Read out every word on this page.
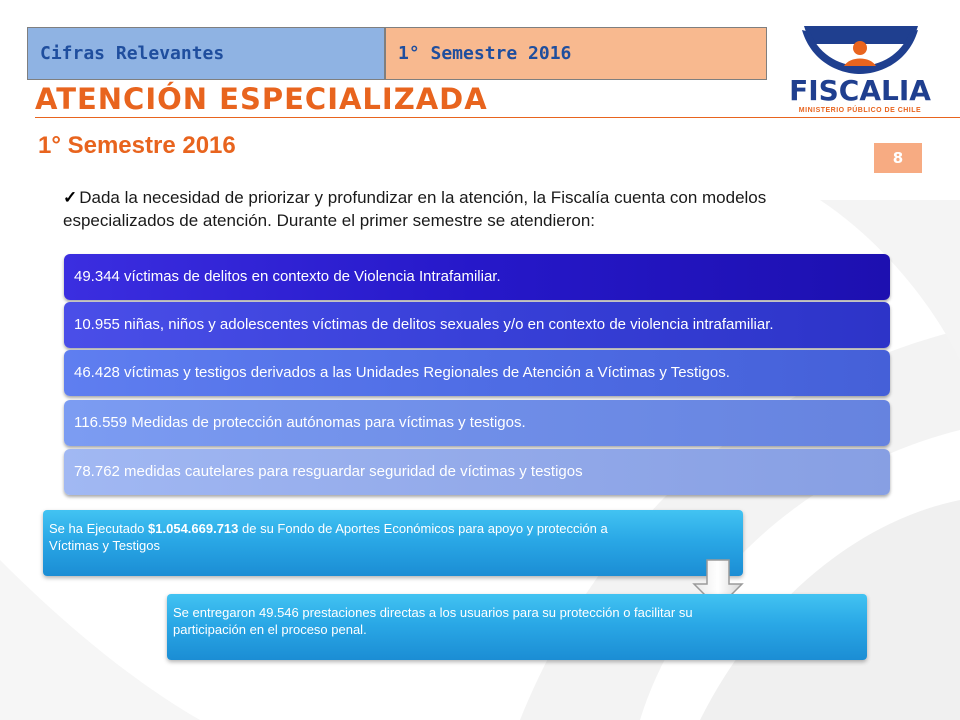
Cifras Relevantes	1° Semestre 2016
ATENCIÓN ESPECIALIZADA
1° Semestre 2016	8
FISCALIA
MINISTERIO PÚBLICO DE CHILE

✓ Dada la necesidad de priorizar y profundizar en la atención, la Fiscalía cuenta con modelos especializados de atención. Durante el primer semestre se atendieron:

49.344 víctimas de delitos en contexto de Violencia Intrafamiliar.
10.955 niñas, niños y adolescentes víctimas de delitos sexuales y/o en contexto de violencia intrafamiliar.
46.428 víctimas y testigos derivados a las Unidades Regionales de Atención a Víctimas y Testigos.
116.559 Medidas de protección autónomas para víctimas y testigos.
78.762 medidas cautelares para resguardar seguridad de víctimas y testigos
Se ha Ejecutado $1.054.669.713 de su Fondo de Aportes Económicos para apoyo y protección a Víctimas y Testigos
Se entregaron 49.546 prestaciones directas a los usuarios para su protección o facilitar su participación en el proceso penal.
